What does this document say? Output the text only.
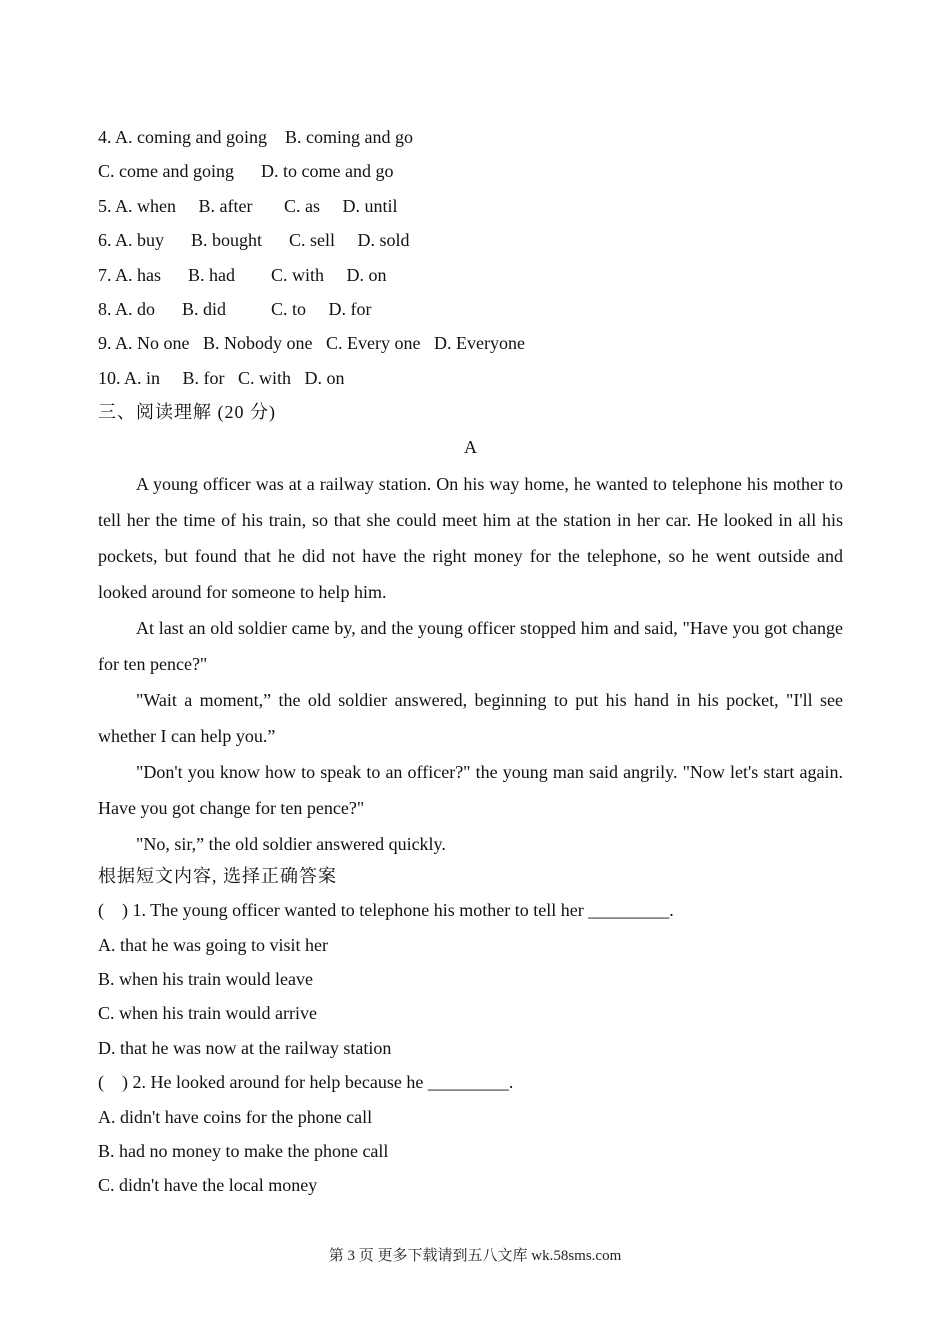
4. A. coming and going    B. coming and go
C. come and going      D. to come and go
5. A. when     B. after       C. as     D. until
6. A. buy      B. bought      C. sell     D. sold
7. A. has      B. had        C. with     D. on
8. A. do      B. did          C. to     D. for
9. A. No one   B. Nobody one   C. Every one   D. Everyone
10. A. in     B. for   C. with   D. on
三、阅读理解 (20 分)
A

A young officer was at a railway station. On his way home, he wanted to telephone his mother to tell her the time of his train, so that she could meet him at the station in her car. He looked in all his pockets, but found that he did not have the right money for the telephone, so he went outside and looked around for someone to help him.

At last an old soldier came by, and the young officer stopped him and said, "Have you got change for ten pence?"

"Wait a moment,” the old soldier answered, beginning to put his hand in his pocket, "I'll see whether I can help you.”

"Don't you know how to speak to an officer?" the young man said angrily. "Now let's start again. Have you got change for ten pence?"

"No, sir,” the old soldier answered quickly.

根据短文内容, 选择正确答案
(    ) 1. The young officer wanted to telephone his mother to tell her _________.
A. that he was going to visit her
B. when his train would leave
C. when his train would arrive
D. that he was now at the railway station
(    ) 2. He looked around for help because he _________.
A. didn't have coins for the phone call
B. had no money to make the phone call
C. didn't have the local money
第 3 页 更多下载请到五八文库 wk.58sms.com
